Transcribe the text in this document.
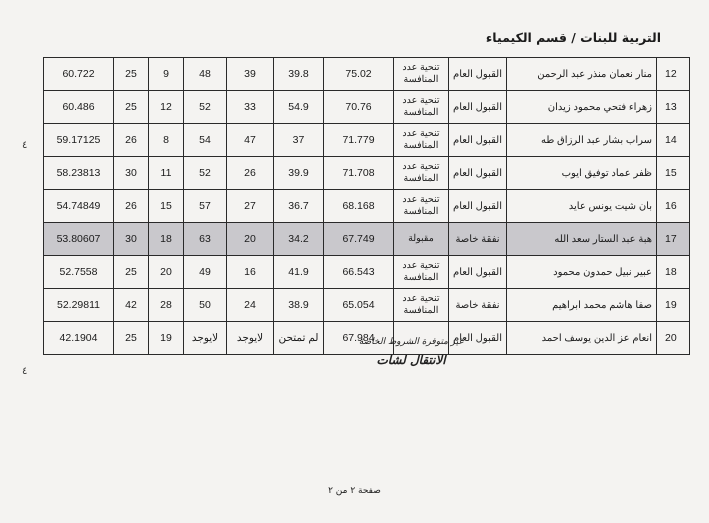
التربية للبنات / قسم الكيمياء
٤
٤
60.722	25	9	48	39	39.8	75.02	تنحية عدد المنافسة	القبول العام	منار نعمان منذر عبد الرحمن	12
60.486	25	12	52	33	54.9	70.76	تنحية عدد المنافسة	القبول العام	زهراء فتحي محمود زيدان	13
59.17125	26	8	54	47	37	71.779	تنحية عدد المنافسة	القبول العام	سراب بشار عبد الرزاق طه	14
58.23813	30	11	52	26	39.9	71.708	تنحية عدد المنافسة	القبول العام	ظفر عماد توفيق ايوب	15
54.74849	26	15	57	27	36.7	68.168	تنحية عدد المنافسة	القبول العام	بان شيت يونس عايد	16
53.80607	30	18	63	20	34.2	67.749	مقبولة	نفقة خاصة	هبة عبد الستار سعد الله	17
52.7558	25	20	49	16	41.9	66.543	تنحية عدد المنافسة	القبول العام	عبير نبيل حمدون محمود	18
52.29811	42	28	50	24	38.9	65.054	تنحية عدد المنافسة	نفقة خاصة	صفا هاشم محمد ابراهيم	19
42.1904	25	19	لايوجد	لايوجد	لم تمتحن	67.984		القبول العام	انعام عز الدين يوسف احمد	20
غير متوفرة الشروط الخاصة
الانتقال لشات
صفحة ٢ من ٢
